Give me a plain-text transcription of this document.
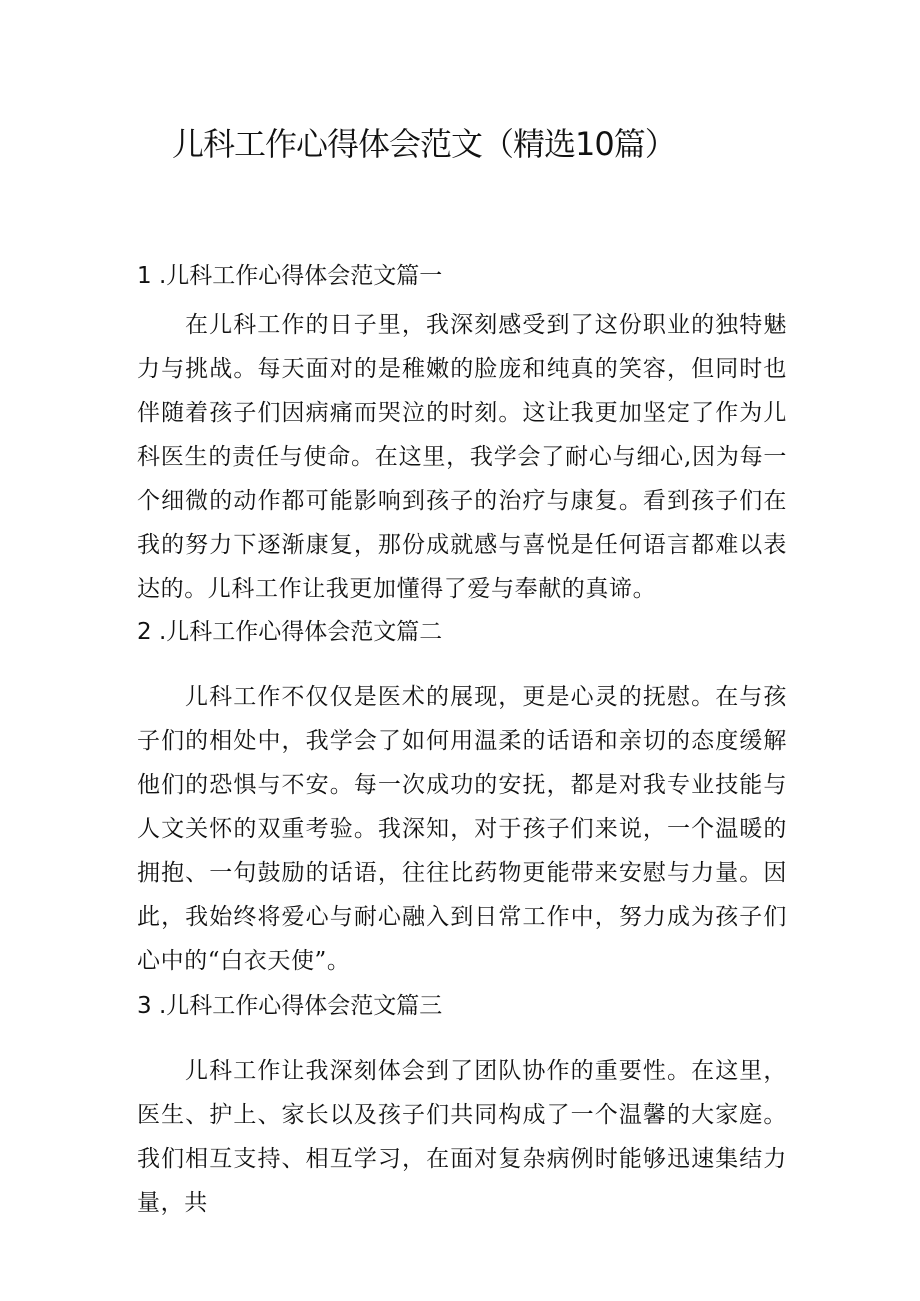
儿科工作心得体会范文（精选10篇）
1 .儿科工作心得体会范文篇一

在儿科工作的日子里，我深刻感受到了这份职业的独特魅力与挑战。每天面对的是稚嫩的脸庞和纯真的笑容，但同时也伴随着孩子们因病痛而哭泣的时刻。这让我更加坚定了作为儿科医生的责任与使命。在这里，我学会了耐心与细心,因为每一个细微的动作都可能影响到孩子的治疗与康复。看到孩子们在我的努力下逐渐康复，那份成就感与喜悦是任何语言都难以表达的。儿科工作让我更加懂得了爱与奉献的真谛。

2 .儿科工作心得体会范文篇二

儿科工作不仅仅是医术的展现，更是心灵的抚慰。在与孩子们的相处中，我学会了如何用温柔的话语和亲切的态度缓解他们的恐惧与不安。每一次成功的安抚，都是对我专业技能与人文关怀的双重考验。我深知，对于孩子们来说，一个温暖的拥抱、一句鼓励的话语，往往比药物更能带来安慰与力量。因此，我始终将爱心与耐心融入到日常工作中，努力成为孩子们心中的“白衣天使”。

3 .儿科工作心得体会范文篇三

儿科工作让我深刻体会到了团队协作的重要性。在这里，医生、护上、家长以及孩子们共同构成了一个温馨的大家庭。我们相互支持、相互学习，在面对复杂病例时能够迅速集结力量，共
